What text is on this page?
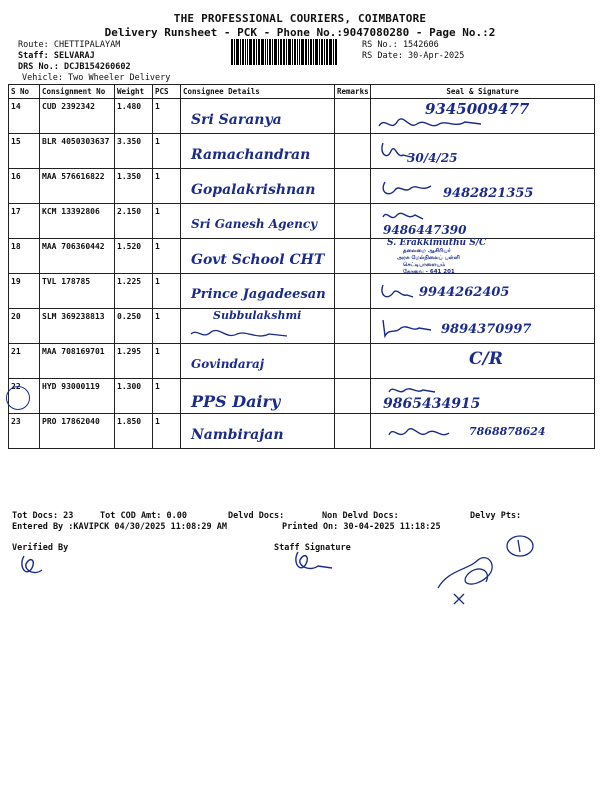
THE PROFESSIONAL COURIERS, COIMBATORE
Delivery Runsheet - PCK - Phone No.:9047080280 - Page No.:2
Route: CHETTIPALAYAM
Staff: SELVARAJ
DRS No.: DCJB154260602
Vehicle: Two Wheeler Delivery
RS No.: 1542606
RS Date: 30-Apr-2025
S No	Consignment No	Weight	PCS	Consignee Details	Remarks	Seal & Signature
14	CUD 2392342	1.480	1	Sri Saranya		9345009477

15	BLR 4050303637	3.350	1	Ramachandran		30/4/25

16	MAA 576616822	1.350	1	Gopalakrishnan		9482821355

17	KCM 13392806	2.150	1	Sri Ganesh Agency		9486447390

18	MAA 706360442	1.520	1	Govt School CHT		S. Erakkimuthu S/C
தலைமை ஆசிரியர்
அரசு மேல்நிலைப் பள்ளி
செட்டிபாளையம்
கோவை - 641 201

19	TVL 178785	1.225	1	Prince Jagadeesan		9944262405

20	SLM 369238813	0.250	1	Subbulakshmi		9894370997

21	MAA 708169701	1.295	1	Govindaraj		C/R

22	HYD 93000119	1.300	1	PPS Dairy		9865434915

23	PRO 17862040	1.850	1	Nambirajan		7868878624
Tot Docs: 23	Tot COD Amt: 0.00	Delvd Docs:	Non Delvd Docs:	Delvy Pts:
Entered By :KAVIPCK 04/30/2025 11:08:29 AM	Printed On: 30-04-2025 11:18:25
Verified By	Staff Signature
